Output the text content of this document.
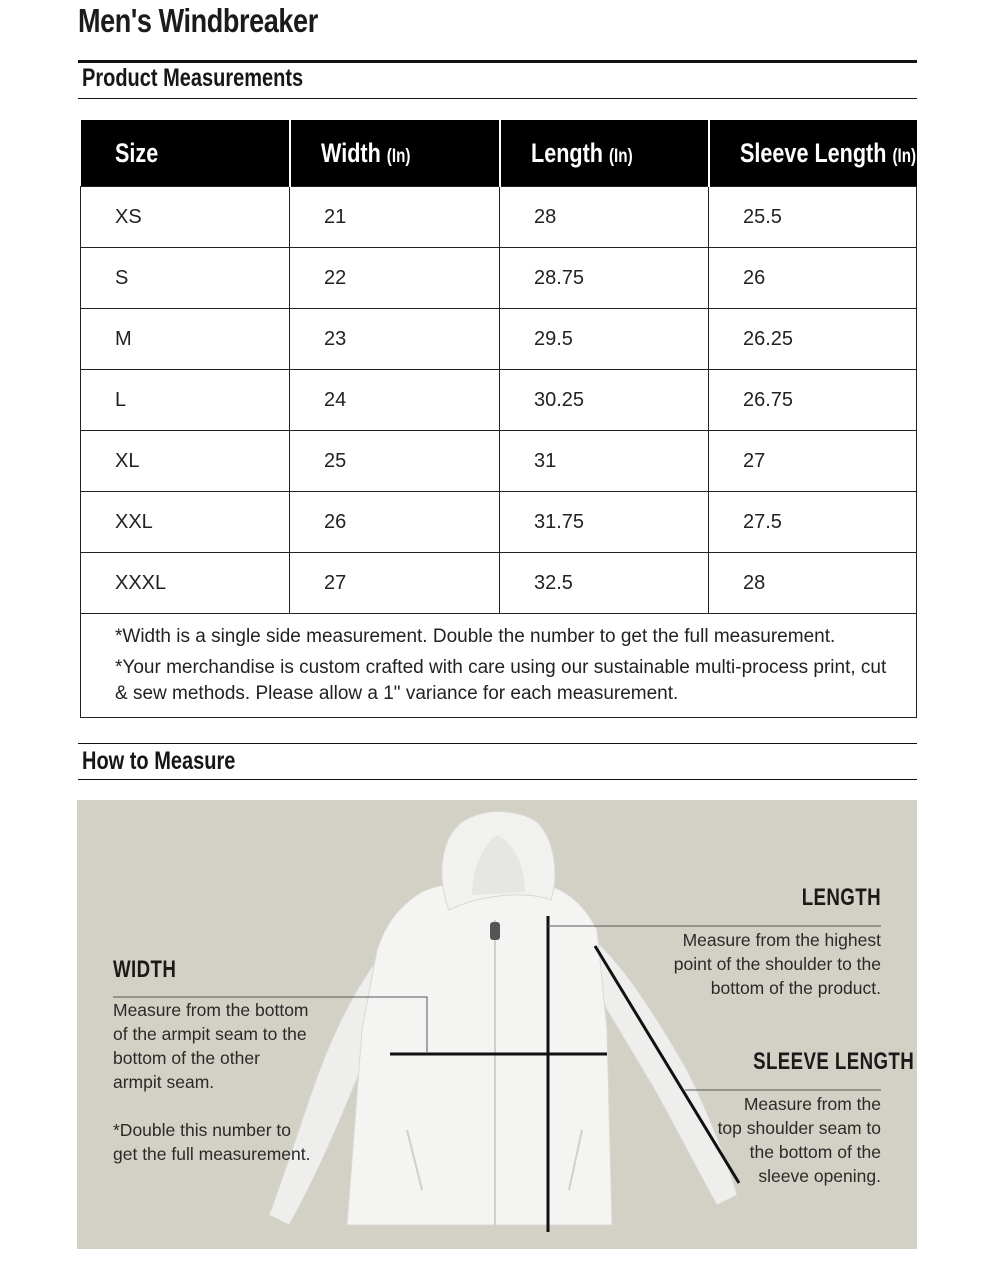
Men's Windbreaker
Product Measurements
Size	Width (In)	Length (In)	Sleeve Length (In)
XS	21	28	25.5
S	22	28.75	26
M	23	29.5	26.25
L	24	30.25	26.75
XL	25	31	27
XXL	26	31.75	27.5
XXXL	27	32.5	28

*Width is a single side measurement. Double the number to get the full measurement.

*Your merchandise is custom crafted with care using our sustainable multi-process print, cut & sew methods. Please allow a 1" variance for each measurement.			

How to Measure
WIDTH

Measure from the bottom of the armpit seam to the bottom of the other armpit seam.

*Double this number to get the full measurement.

LENGTH

Measure from the highest point of the shoulder to the bottom of the product.

SLEEVE LENGTH

Measure from the top shoulder seam to the bottom of the sleeve opening.
